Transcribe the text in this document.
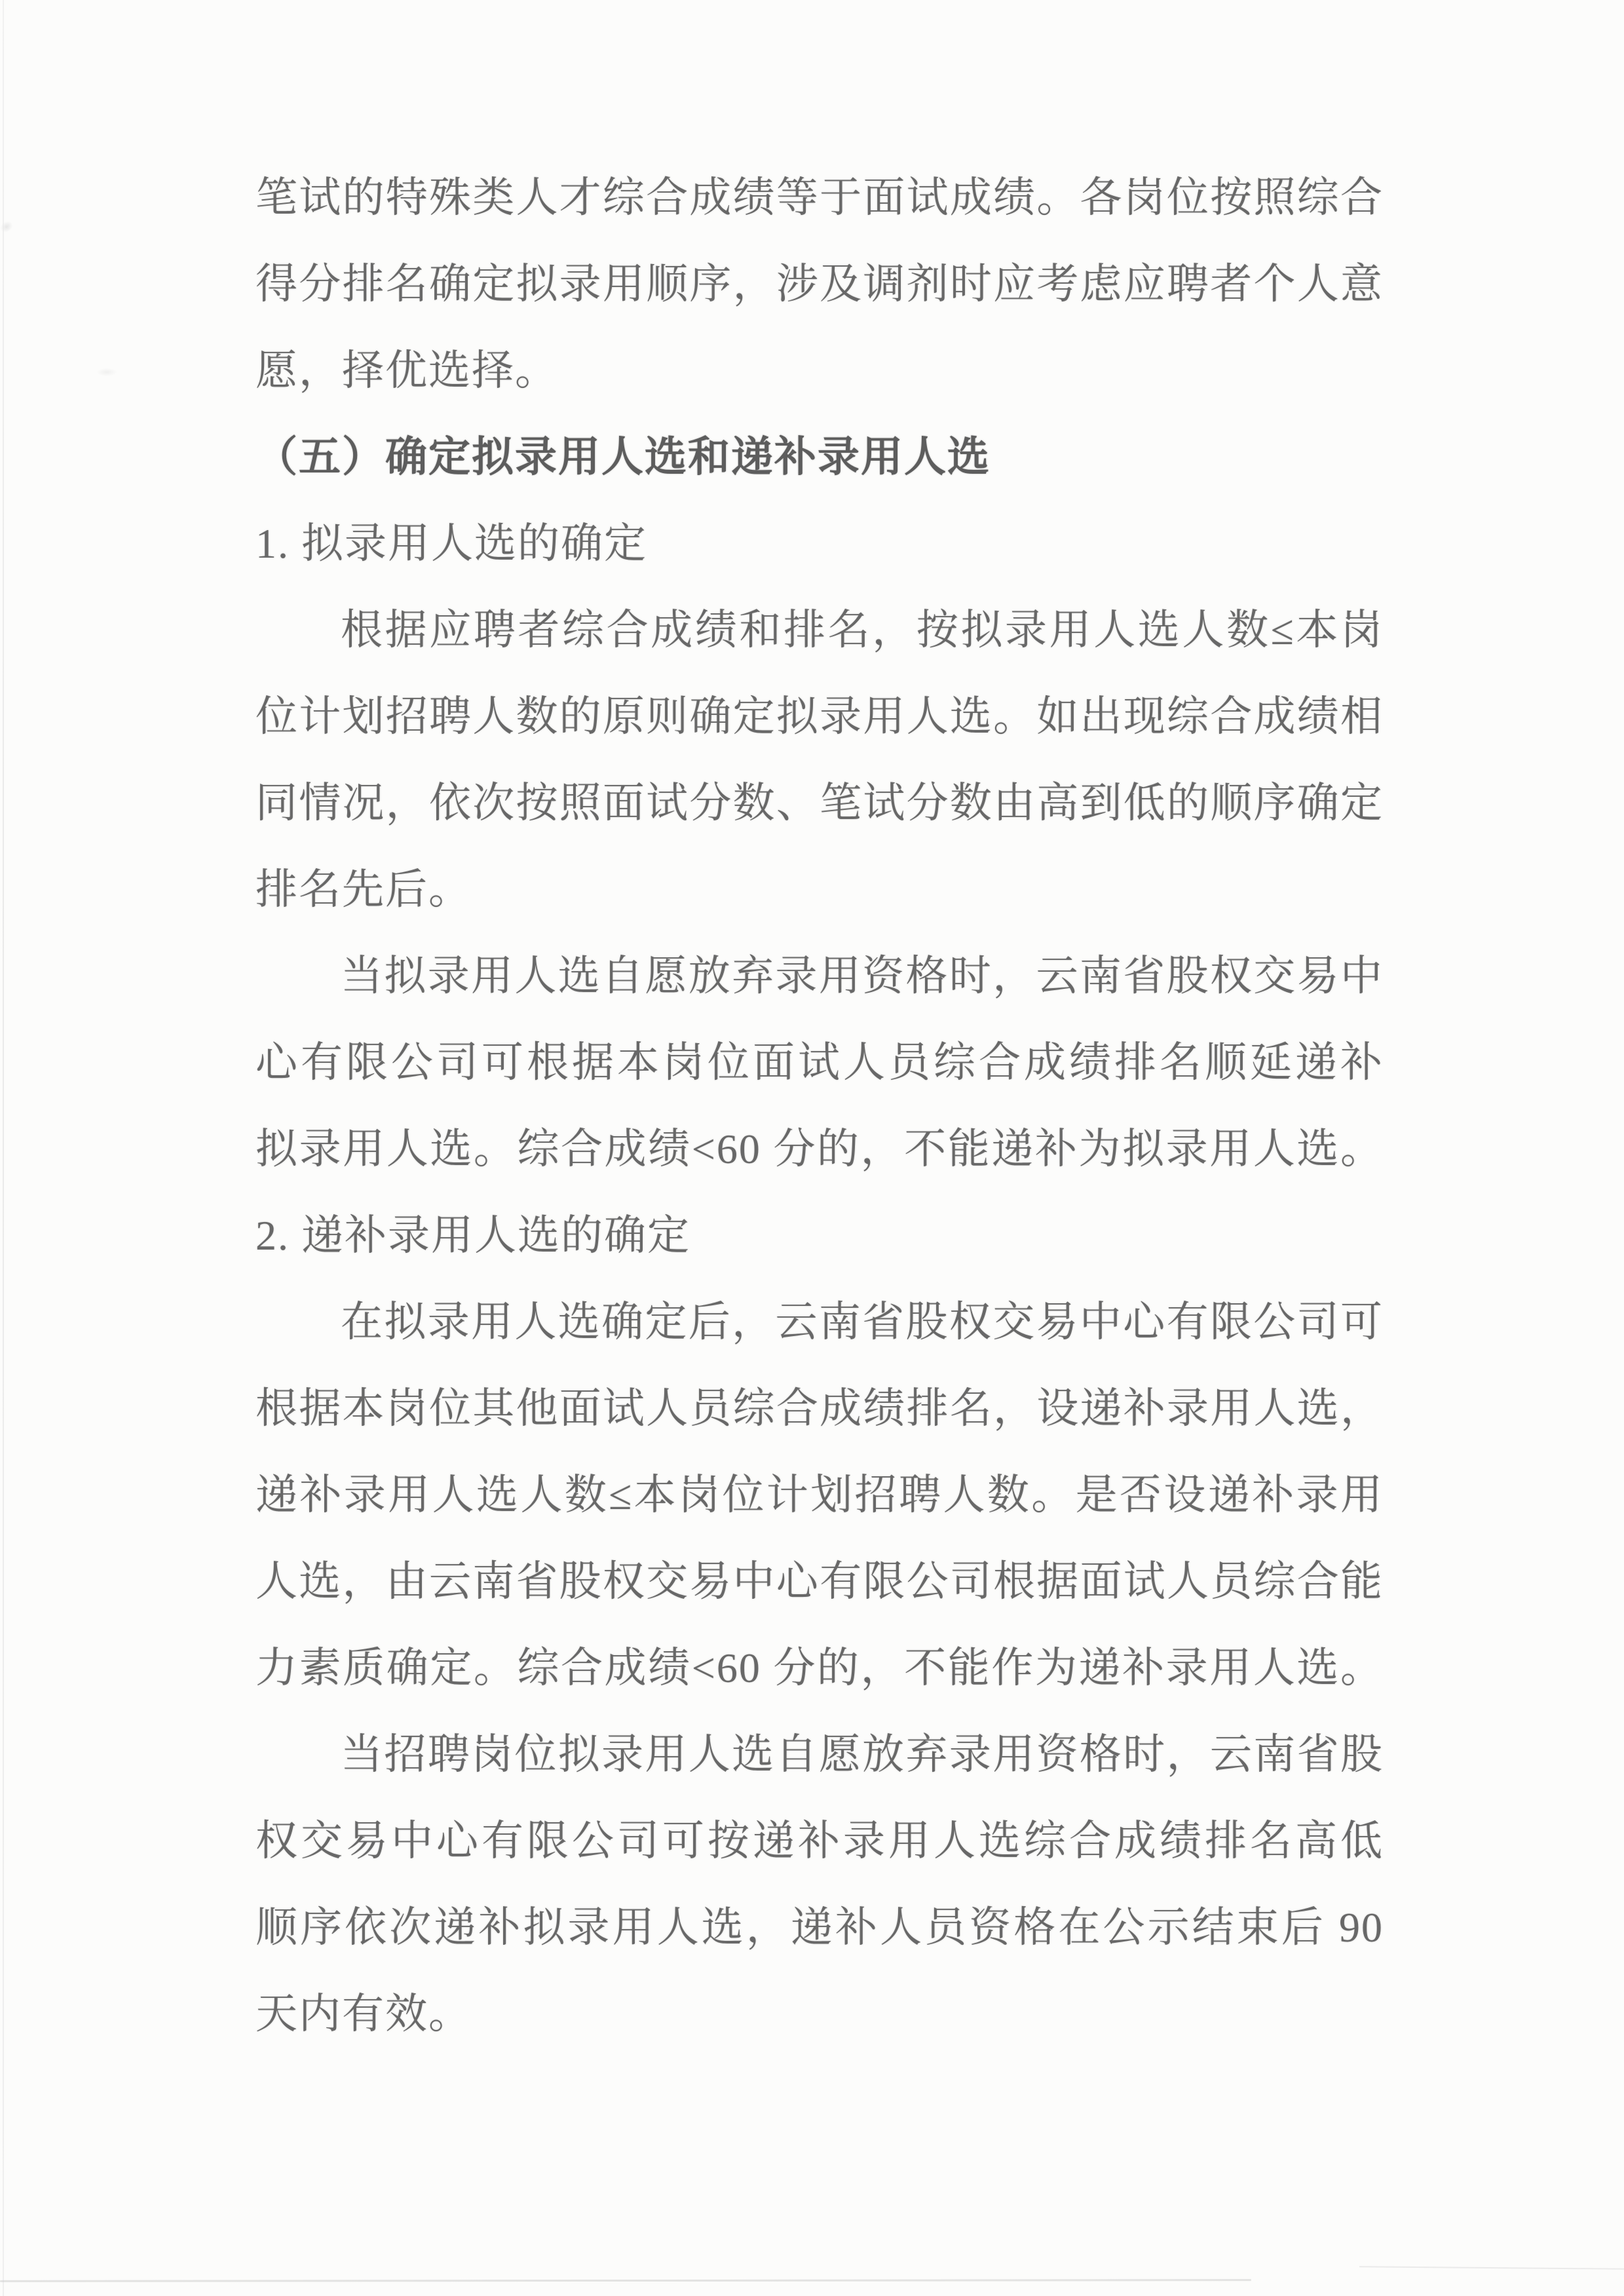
笔试的特殊类人才综合成绩等于面试成绩。各岗位按照综合
得分排名确定拟录用顺序，涉及调剂时应考虑应聘者个人意
愿，择优选择。
（五）确定拟录用人选和递补录用人选
1. 拟录用人选的确定
根据应聘者综合成绩和排名，按拟录用人选人数≤本岗
位计划招聘人数的原则确定拟录用人选。如出现综合成绩相
同情况，依次按照面试分数、笔试分数由高到低的顺序确定
排名先后。
当拟录用人选自愿放弃录用资格时，云南省股权交易中
心有限公司可根据本岗位面试人员综合成绩排名顺延递补
拟录用人选。综合成绩<60 分的，不能递补为拟录用人选。
2. 递补录用人选的确定
在拟录用人选确定后，云南省股权交易中心有限公司可
根据本岗位其他面试人员综合成绩排名，设递补录用人选，
递补录用人选人数≤本岗位计划招聘人数。是否设递补录用
人选，由云南省股权交易中心有限公司根据面试人员综合能
力素质确定。综合成绩<60 分的，不能作为递补录用人选。
当招聘岗位拟录用人选自愿放弃录用资格时，云南省股
权交易中心有限公司可按递补录用人选综合成绩排名高低
顺序依次递补拟录用人选，递补人员资格在公示结束后 90
天内有效。
